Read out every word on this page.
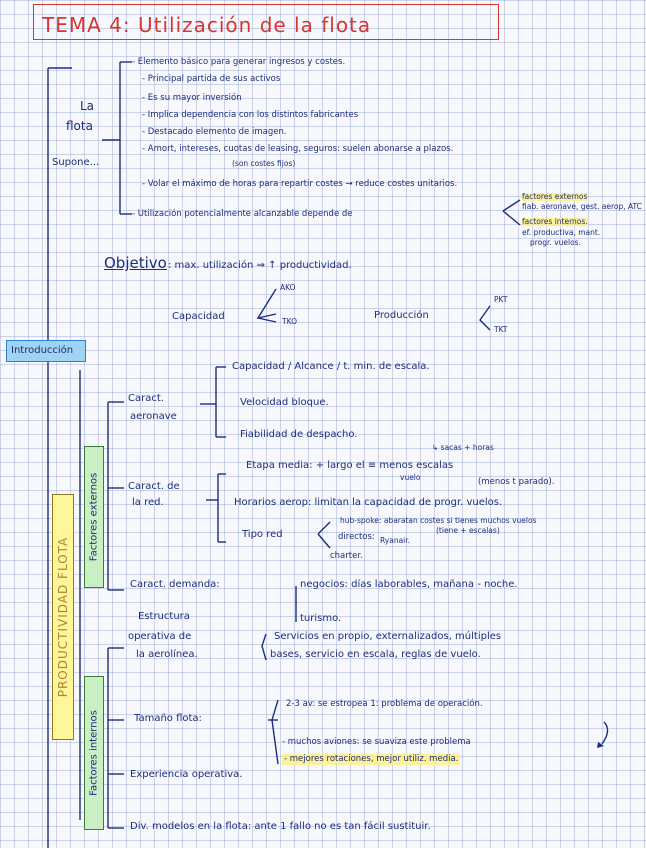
TEMA 4: Utilización de la flota
La
flota
Supone...
- Elemento básico para generar ingresos y costes.
- Principal partida de sus activos
- Es su mayor inversión
- Implica dependencia con los distintos fabricantes
- Destacado elemento de imagen.
- Amort, intereses, cuotas de leasing, seguros: suelen abonarse a plazos.
(son costes fijos)
- Volar el máximo de horas para repartir costes → reduce costes unitarios.
- Utilización potencialmente alcanzable depende de
factores externos
fiab. aeronave, gest. aerop, ATC
factores internos.
ef. productiva, mant.
progr. vuelos.
Objetivo : max. utilización ⇒ ↑ productividad.
Capacidad
AKO
TKO
Producción
PKT
TKT
Introducción
PRODUCTIVIDAD FLOTA
Factores externos
Factores internos
Caract.
aeronave
Capacidad / Alcance / t. min. de escala.
Velocidad bloque.
Fiabilidad de despacho.
Caract. de
la red.
↳ sacas + horas
Etapa media: + largo el ≡ menos escalas
vuelo	(menos t parado).
Horarios aerop: limitan la capacidad de progr. vuelos.
Tipo red
hub-spoke: abaratan costes si tienes muchos vuelos
(tiene + escalas)
directos: Ryanair.
charter.
Caract. demanda:	negocios: días laborables, mañana - noche.
turismo.
Estructura
operativa de
la aerolínea.
Servicios en propio, externalizados, múltiples
bases, servicio en escala, reglas de vuelo.
Tamaño flota:
2-3 av: se estropea 1: problema de operación.
- muchos aviones: se suaviza este problema
- mejores rotaciones, mejor utiliz. media.
Experiencia operativa.
Div. modelos en la flota: ante 1 fallo no es tan fácil sustituir.
